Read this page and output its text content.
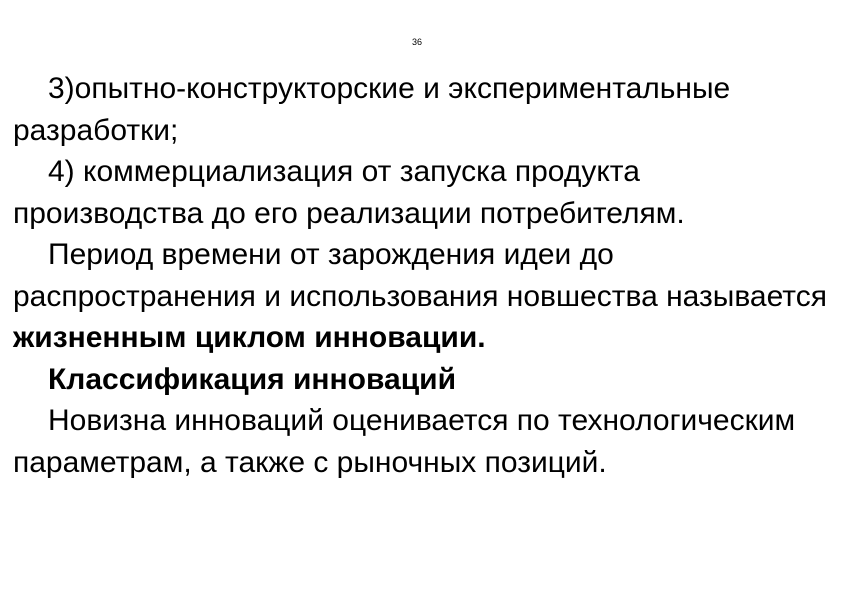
36

3)опытно-конструкторские и экспериментальные разработки;

4) коммерциализация от запуска продукта производства до его реализации потребителям.

Период времени от зарождения идеи до распространения и использования новшества называется жизненным циклом инновации.

Классификация инноваций

Новизна инноваций оценивается по технологическим параметрам, а также с рыночных позиций.
